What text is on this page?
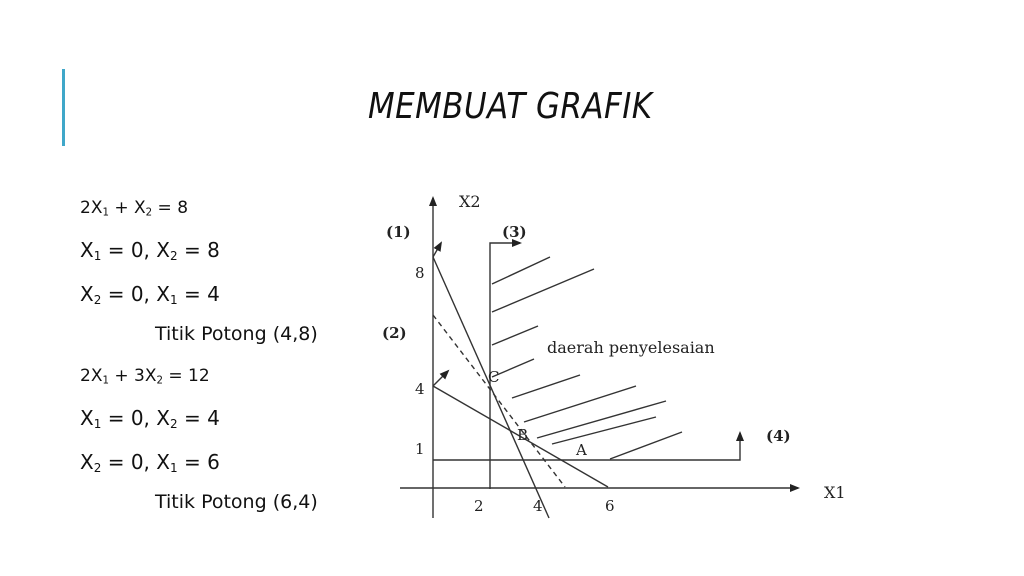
MEMBUAT GRAFIK
$2X_1 + X_2 = 8$
$X_1 = 0$, $X_2 = 8$
$X_2 = 0$, $X_1 = 4$
Titik Potong (4,8)
$2X_1 + 3X_2 = 12$
$X_1 = 0$, $X_2 = 4$
$X_2 = 0$, $X_1 = 6$
Titik Potong (6,4)
X2
X1
8
4
1
2	4	6
(1)
(2)
(3)
(4)
daerah penyelesaian
C
B
A
